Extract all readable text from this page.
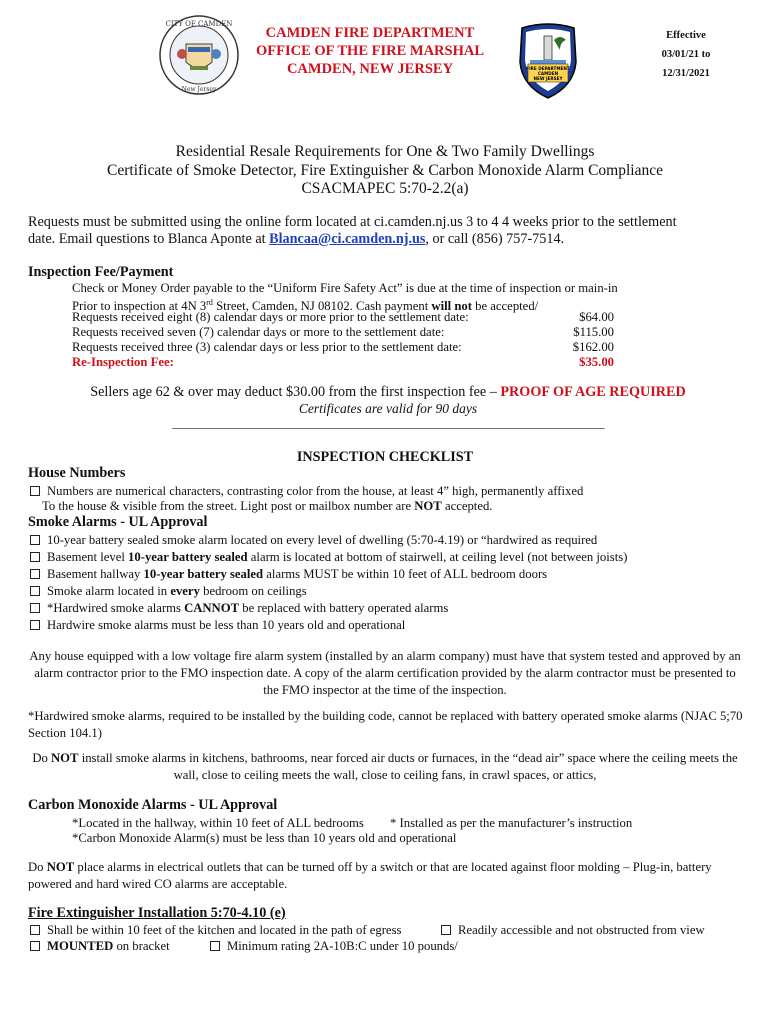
CITY OF CAMDEN
New Jersey
CAMDEN FIRE DEPARTMENT
OFFICE OF THE FIRE MARSHAL
CAMDEN, NEW JERSEY	FIRE DEPARTMENT
CAMDEN
NEW JERSEY
Effective
03/01/21 to
12/31/2021
Residential Resale Requirements for One & Two Family Dwellings
Certificate of Smoke Detector, Fire Extinguisher & Carbon Monoxide Alarm Compliance
CSACMAPEC 5:70-2.2(a)
Requests must be submitted using the online form located at ci.camden.nj.us 3 to 4 4 weeks prior to the settlement
date. Email questions to Blanca Aponte at Blancaa@ci.camden.nj.us, or call (856) 757-7514.
Inspection Fee/Payment
Check or Money Order payable to the “Uniform Fire Safety Act” is due at the time of inspection or main-in
Prior to inspection at 4N 3rd Street, Camden, NJ 08102. Cash payment will not be accepted/
Requests received eight (8) calendar days or more prior to the settlement date:	$64.00
Requests received seven (7) calendar days or more to the settlement date:	$115.00
Requests received three (3) calendar days or less prior to the settlement date:	$162.00
Re-Inspection Fee:	$35.00
Sellers age 62 & over may deduct $30.00 from the first inspection fee – PROOF OF AGE REQUIRED
Certificates are valid for 90 days
________________________________________________________________________________
INSPECTION CHECKLIST
House Numbers
Numbers are numerical characters, contrasting color from the house, at least 4” high, permanently affixed
To the house & visible from the street. Light post or mailbox number are NOT accepted.
Smoke Alarms - UL Approval
10-year battery sealed smoke alarm located on every level of dwelling (5:70-4.19) or “hardwired as required
Basement level 10-year battery sealed alarm is located at bottom of stairwell, at ceiling level (not between joists)
Basement hallway 10-year battery sealed alarms MUST be within 10 feet of ALL bedroom doors
Smoke alarm located in every bedroom on ceilings
*Hardwired smoke alarms CANNOT be replaced with battery operated alarms
Hardwire smoke alarms must be less than 10 years old and operational
Any house equipped with a low voltage fire alarm system (installed by an alarm company) must have that system tested and approved by an
alarm contractor prior to the FMO inspection date. A copy of the alarm certification provided by the alarm contractor must be presented to
the FMO inspector at the time of the inspection.
*Hardwired smoke alarms, required to be installed by the building code, cannot be replaced with battery operated smoke alarms (NJAC 5;70
Section 104.1)
Do NOT install smoke alarms in kitchens, bathrooms, near forced air ducts or furnaces, in the “dead air” space where the ceiling meets the
wall, close to ceiling meets the wall, close to ceiling fans, in crawl spaces, or attics,
Carbon Monoxide Alarms - UL Approval
*Located in the hallway, within 10 feet of ALL bedrooms * Installed as per the manufacturer’s instruction
*Carbon Monoxide Alarm(s) must be less than 10 years old and operational
Do NOT place alarms in electrical outlets that can be turned off by a switch or that are located against floor molding – Plug-in, battery
powered and hard wired CO alarms are acceptable.
Fire Extinguisher Installation 5:70-4.10 (e)
Shall be within 10 feet of the kitchen and located in the path of egress	Readily accessible and not obstructed from view
MOUNTED on bracket	Minimum rating 2A-10B:C under 10 pounds/
